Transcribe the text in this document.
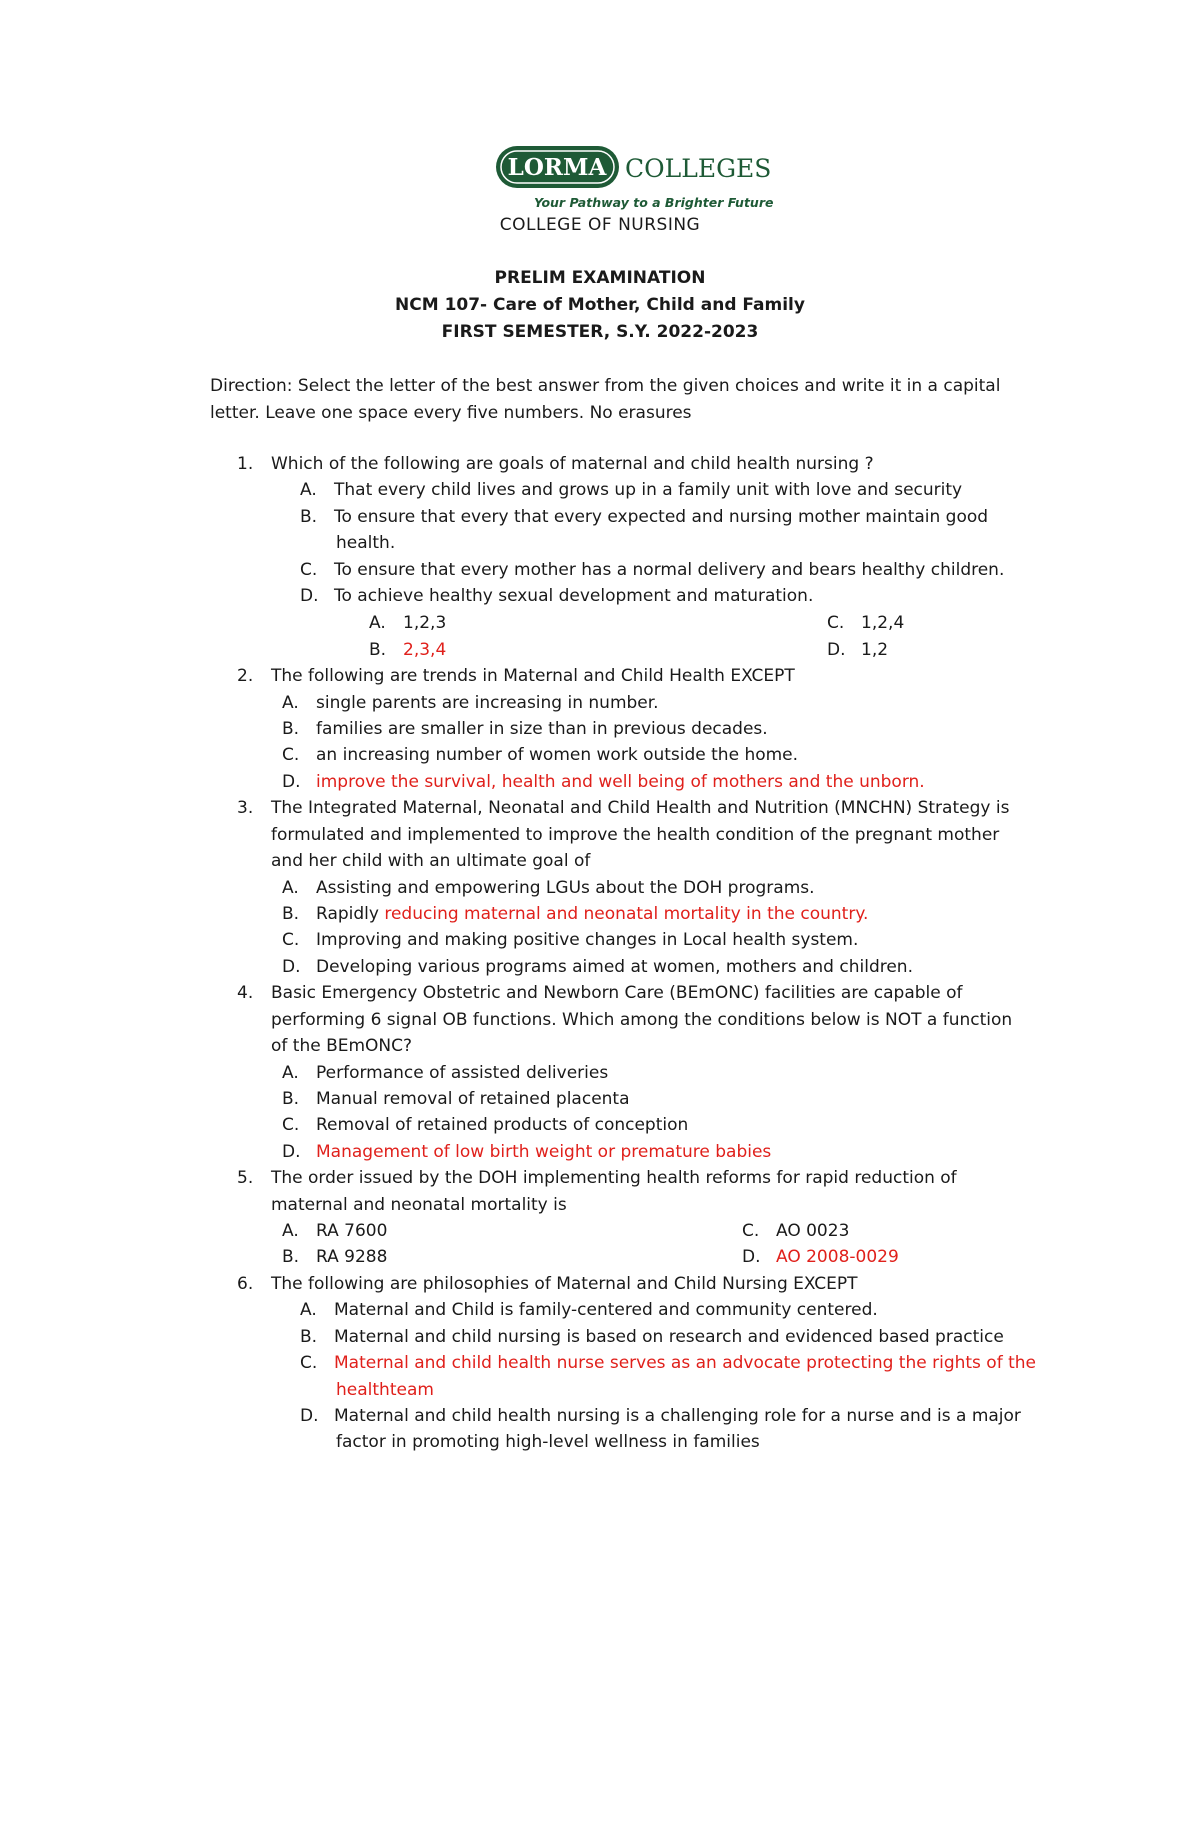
LORMA COLLEGES
Your Pathway to a Brighter Future
COLLEGE OF NURSING
PRELIM EXAMINATION
NCM 107- Care of Mother, Child and Family
FIRST SEMESTER, S.Y. 2022-2023
Direction: Select the letter of the best answer from the given choices and write it in a capital letter. Leave one space every five numbers. No erasures
1. Which of the following are goals of maternal and child health nursing ?
A. That every child lives and grows up in a family unit with love and security
B. To ensure that every that every expected and nursing mother maintain good
health.
C. To ensure that every mother has a normal delivery and bears healthy children.
D. To achieve healthy sexual development and maturation.
A. 1,2,3	C. 1,2,4
B. 2,3,4	D. 1,2
2. The following are trends in Maternal and Child Health EXCEPT
A. single parents are increasing in number.
B. families are smaller in size than in previous decades.
C. an increasing number of women work outside the home.
D. improve the survival, health and well being of mothers and the unborn.
3. The Integrated Maternal, Neonatal and Child Health and Nutrition (MNCHN) Strategy is
formulated and implemented to improve the health condition of the pregnant mother
and her child with an ultimate goal of
A. Assisting and empowering LGUs about the DOH programs.
B. Rapidly reducing maternal and neonatal mortality in the country.
C. Improving and making positive changes in Local health system.
D. Developing various programs aimed at women, mothers and children.
4. Basic Emergency Obstetric and Newborn Care (BEmONC) facilities are capable of
performing 6 signal OB functions. Which among the conditions below is NOT a function
of the BEmONC?
A. Performance of assisted deliveries
B. Manual removal of retained placenta
C. Removal of retained products of conception
D. Management of low birth weight or premature babies
5. The order issued by the DOH implementing health reforms for rapid reduction of
maternal and neonatal mortality is
A. RA 7600	C. AO 0023
B. RA 9288	D. AO 2008-0029
6. The following are philosophies of Maternal and Child Nursing EXCEPT
A. Maternal and Child is family-centered and community centered.
B. Maternal and child nursing is based on research and evidenced based practice
C. Maternal and child health nurse serves as an advocate protecting the rights of the
healthteam
D. Maternal and child health nursing is a challenging role for a nurse and is a major
factor in promoting high-level wellness in families
